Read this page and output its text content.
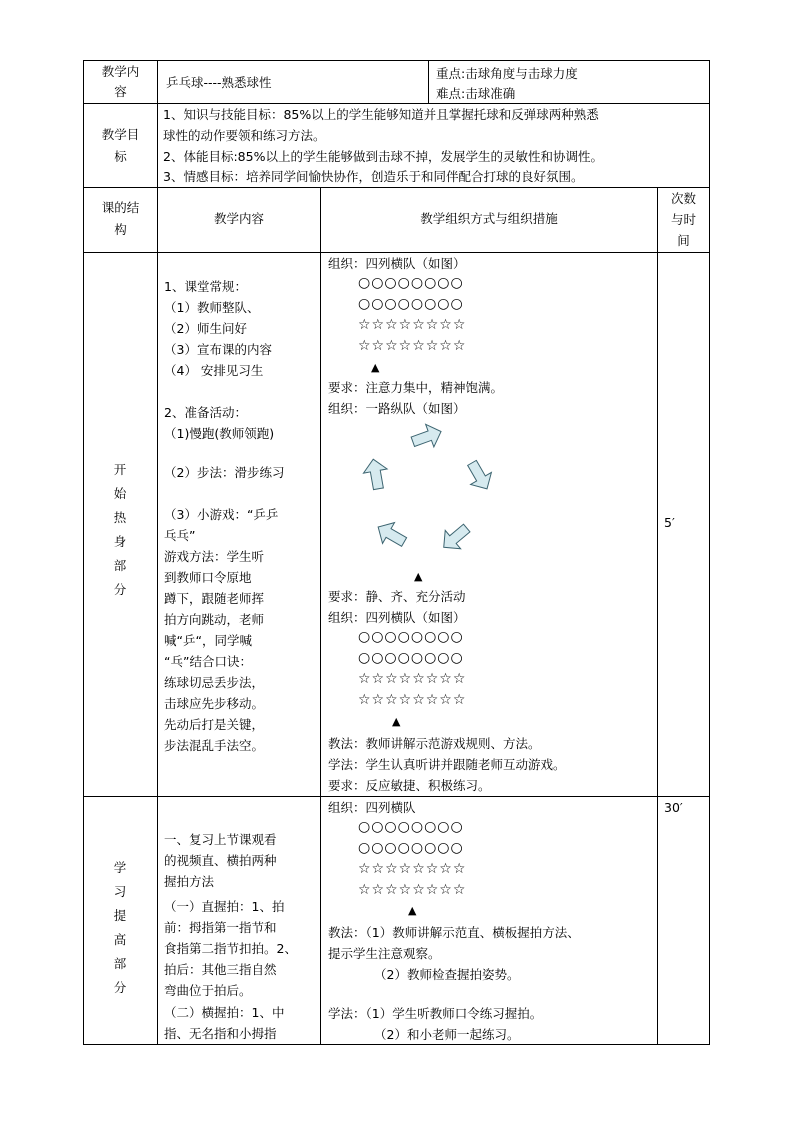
教学内
容
乒乓球----熟悉球性
重点:击球角度与击球力度
难点:击球准确
教学目
标
1、知识与技能目标：85%以上的学生能够知道并且掌握托球和反弹球两种熟悉
球性的动作要领和练习方法。
2、体能目标:85%以上的学生能够做到击球不掉，发展学生的灵敏性和协调性。
3、情感目标：培养同学间愉快协作，创造乐于和同伴配合打球的良好氛围。
课的结
构
教学内容	教学组织方式与组织措施
次数
与时
间
开
始
热
身
部
分
5′
1、课堂常规：
（1）教师整队、
（2）师生问好
（3）宣布课的内容
（4） 安排见习生
2、准备活动：
（1)慢跑(教师领跑)
（2）步法：滑步练习
（3）小游戏：“乒乒
乓乓”
游戏方法：学生听
到教师口令原地
蹲下，跟随老师挥
拍方向跳动，老师
喊“乒“，同学喊
“乓”结合口诀：
练球切忌丢步法，
击球应先步移动。
先动后打是关键，
步法混乱手法空。
组织：四列横队（如图）
○○○○○○○○
○○○○○○○○
☆☆☆☆☆☆☆☆
☆☆☆☆☆☆☆☆
▲
要求：注意力集中，精神饱满。
组织：一路纵队（如图）
▲
要求：静、齐、充分活动
组织：四列横队（如图）
○○○○○○○○
○○○○○○○○
☆☆☆☆☆☆☆☆
☆☆☆☆☆☆☆☆
▲
教法：教师讲解示范游戏规则、方法。
学法：学生认真听讲并跟随老师互动游戏。
要求：反应敏捷、积极练习。
学
习
提
高
部
分
30′
一、复习上节课观看
的视频直、横拍两种
握拍方法
（一）直握拍：1、拍
前：拇指第一指节和
食指第二指节扣拍。2、
拍后：其他三指自然
弯曲位于拍后。
（二）横握拍：1、中
指、无名指和小拇指
组织：四列横队
○○○○○○○○
○○○○○○○○
☆☆☆☆☆☆☆☆
☆☆☆☆☆☆☆☆
▲
教法：（1）教师讲解示范直、横板握拍方法、
提示学生注意观察。
（2）教师检查握拍姿势。
学法：（1）学生听教师口令练习握拍。
（2）和小老师一起练习。
